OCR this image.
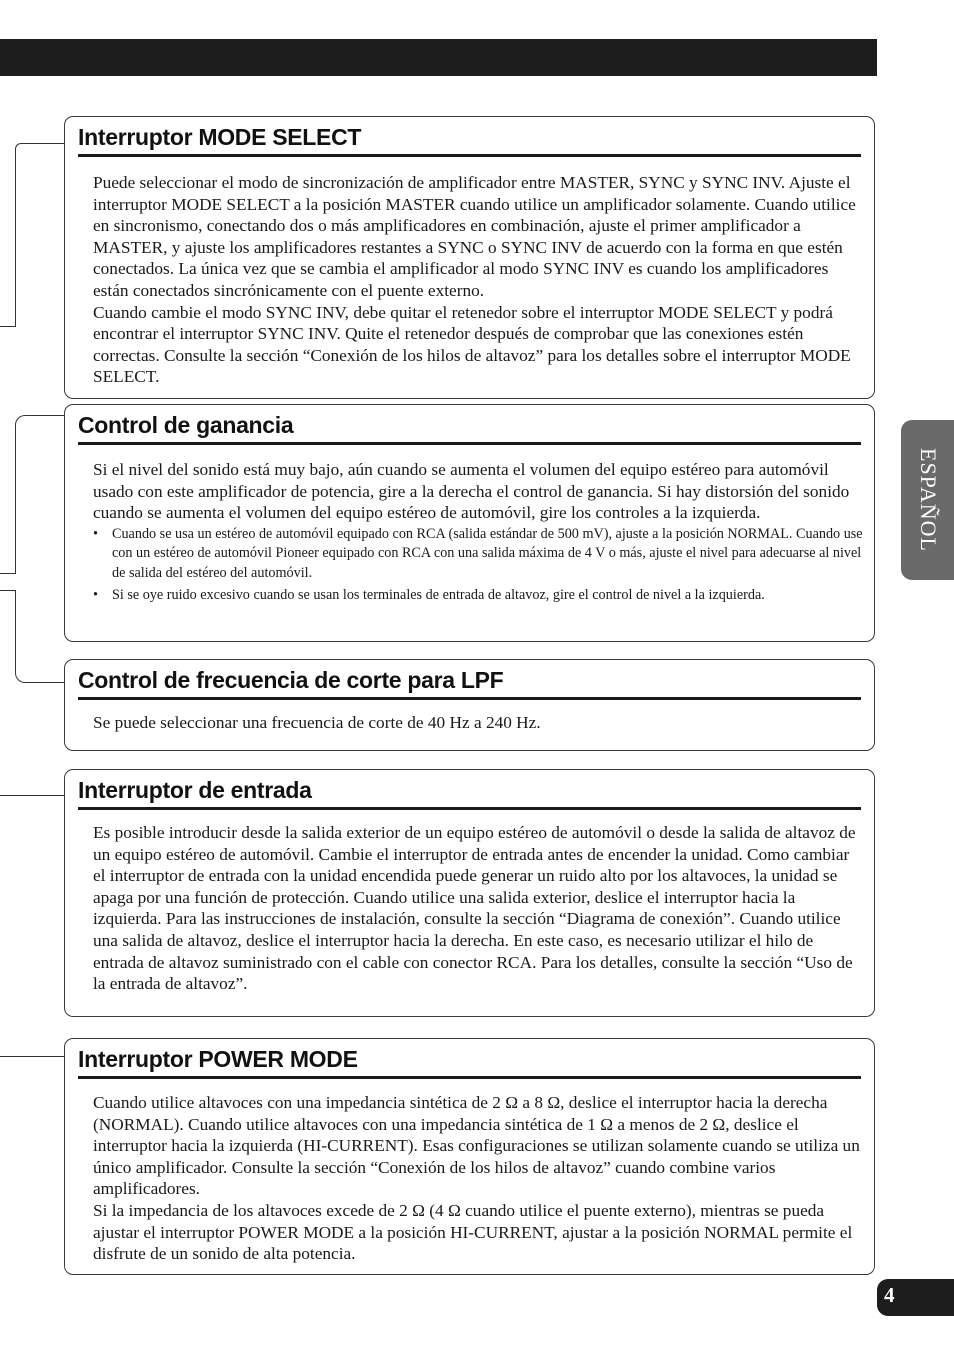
Interruptor MODE SELECT

Puede seleccionar el modo de sincronización de amplificador entre MASTER, SYNC y SYNC INV. Ajuste el interruptor MODE SELECT a la posición MASTER cuando utilice un amplificador solamente. Cuando utilice en sincronismo, conectando dos o más amplificadores en combinación, ajuste el primer amplificador a MASTER, y ajuste los amplificadores restantes a SYNC o SYNC INV de acuerdo con la forma en que estén conectados. La única vez que se cambia el amplificador al modo SYNC INV es cuando los amplificadores están conectados sincrónicamente con el puente externo.

Cuando cambie el modo SYNC INV, debe quitar el retenedor sobre el interruptor MODE SELECT y podrá encontrar el interruptor SYNC INV. Quite el retenedor después de comprobar que las conexiones estén correctas. Consulte la sección “Conexión de los hilos de altavoz” para los detalles sobre el interruptor MODE SELECT.

Control de ganancia

Si el nivel del sonido está muy bajo, aún cuando se aumenta el volumen del equipo estéreo para automóvil usado con este amplificador de potencia, gire a la derecha el control de ganancia. Si hay distorsión del sonido cuando se aumenta el volumen del equipo estéreo de automóvil, gire los controles a la izquierda.

• Cuando se usa un estéreo de automóvil equipado con RCA (salida estándar de 500 mV), ajuste a la posición NORMAL. Cuando use con un estéreo de automóvil Pioneer equipado con RCA con una salida máxima de 4 V o más, ajuste el nivel para adecuarse al nivel de salida del estéreo del automóvil.
• Si se oye ruido excesivo cuando se usan los terminales de entrada de altavoz, gire el control de nivel a la izquierda.
Control de frecuencia de corte para LPF

Se puede seleccionar una frecuencia de corte de 40 Hz a 240 Hz.

Interruptor de entrada

Es posible introducir desde la salida exterior de un equipo estéreo de automóvil o desde la salida de altavoz de un equipo estéreo de automóvil. Cambie el interruptor de entrada antes de encender la unidad. Como cambiar el interruptor de entrada con la unidad encendida puede generar un ruido alto por los altavoces, la unidad se apaga por una función de protección. Cuando utilice una salida exterior, deslice el interruptor hacia la izquierda. Para las instrucciones de instalación, consulte la sección “Diagrama de conexión”. Cuando utilice una salida de altavoz, deslice el interruptor hacia la derecha. En este caso, es necesario utilizar el hilo de entrada de altavoz suministrado con el cable con conector RCA. Para los detalles, consulte la sección “Uso de la entrada de altavoz”.

Interruptor POWER MODE

Cuando utilice altavoces con una impedancia sintética de 2 Ω a 8 Ω, deslice el interruptor hacia la derecha (NORMAL). Cuando utilice altavoces con una impedancia sintética de 1 Ω a menos de 2 Ω, deslice el interruptor hacia la izquierda (HI-CURRENT). Esas configuraciones se utilizan solamente cuando se utiliza un único amplificador. Consulte la sección “Conexión de los hilos de altavoz” cuando combine varios amplificadores.

Si la impedancia de los altavoces excede de 2 Ω (4 Ω cuando utilice el puente externo), mientras se pueda ajustar el interruptor POWER MODE a la posición HI-CURRENT, ajustar a la posición NORMAL permite el disfrute de un sonido de alta potencia.

ESPAÑOL
4
